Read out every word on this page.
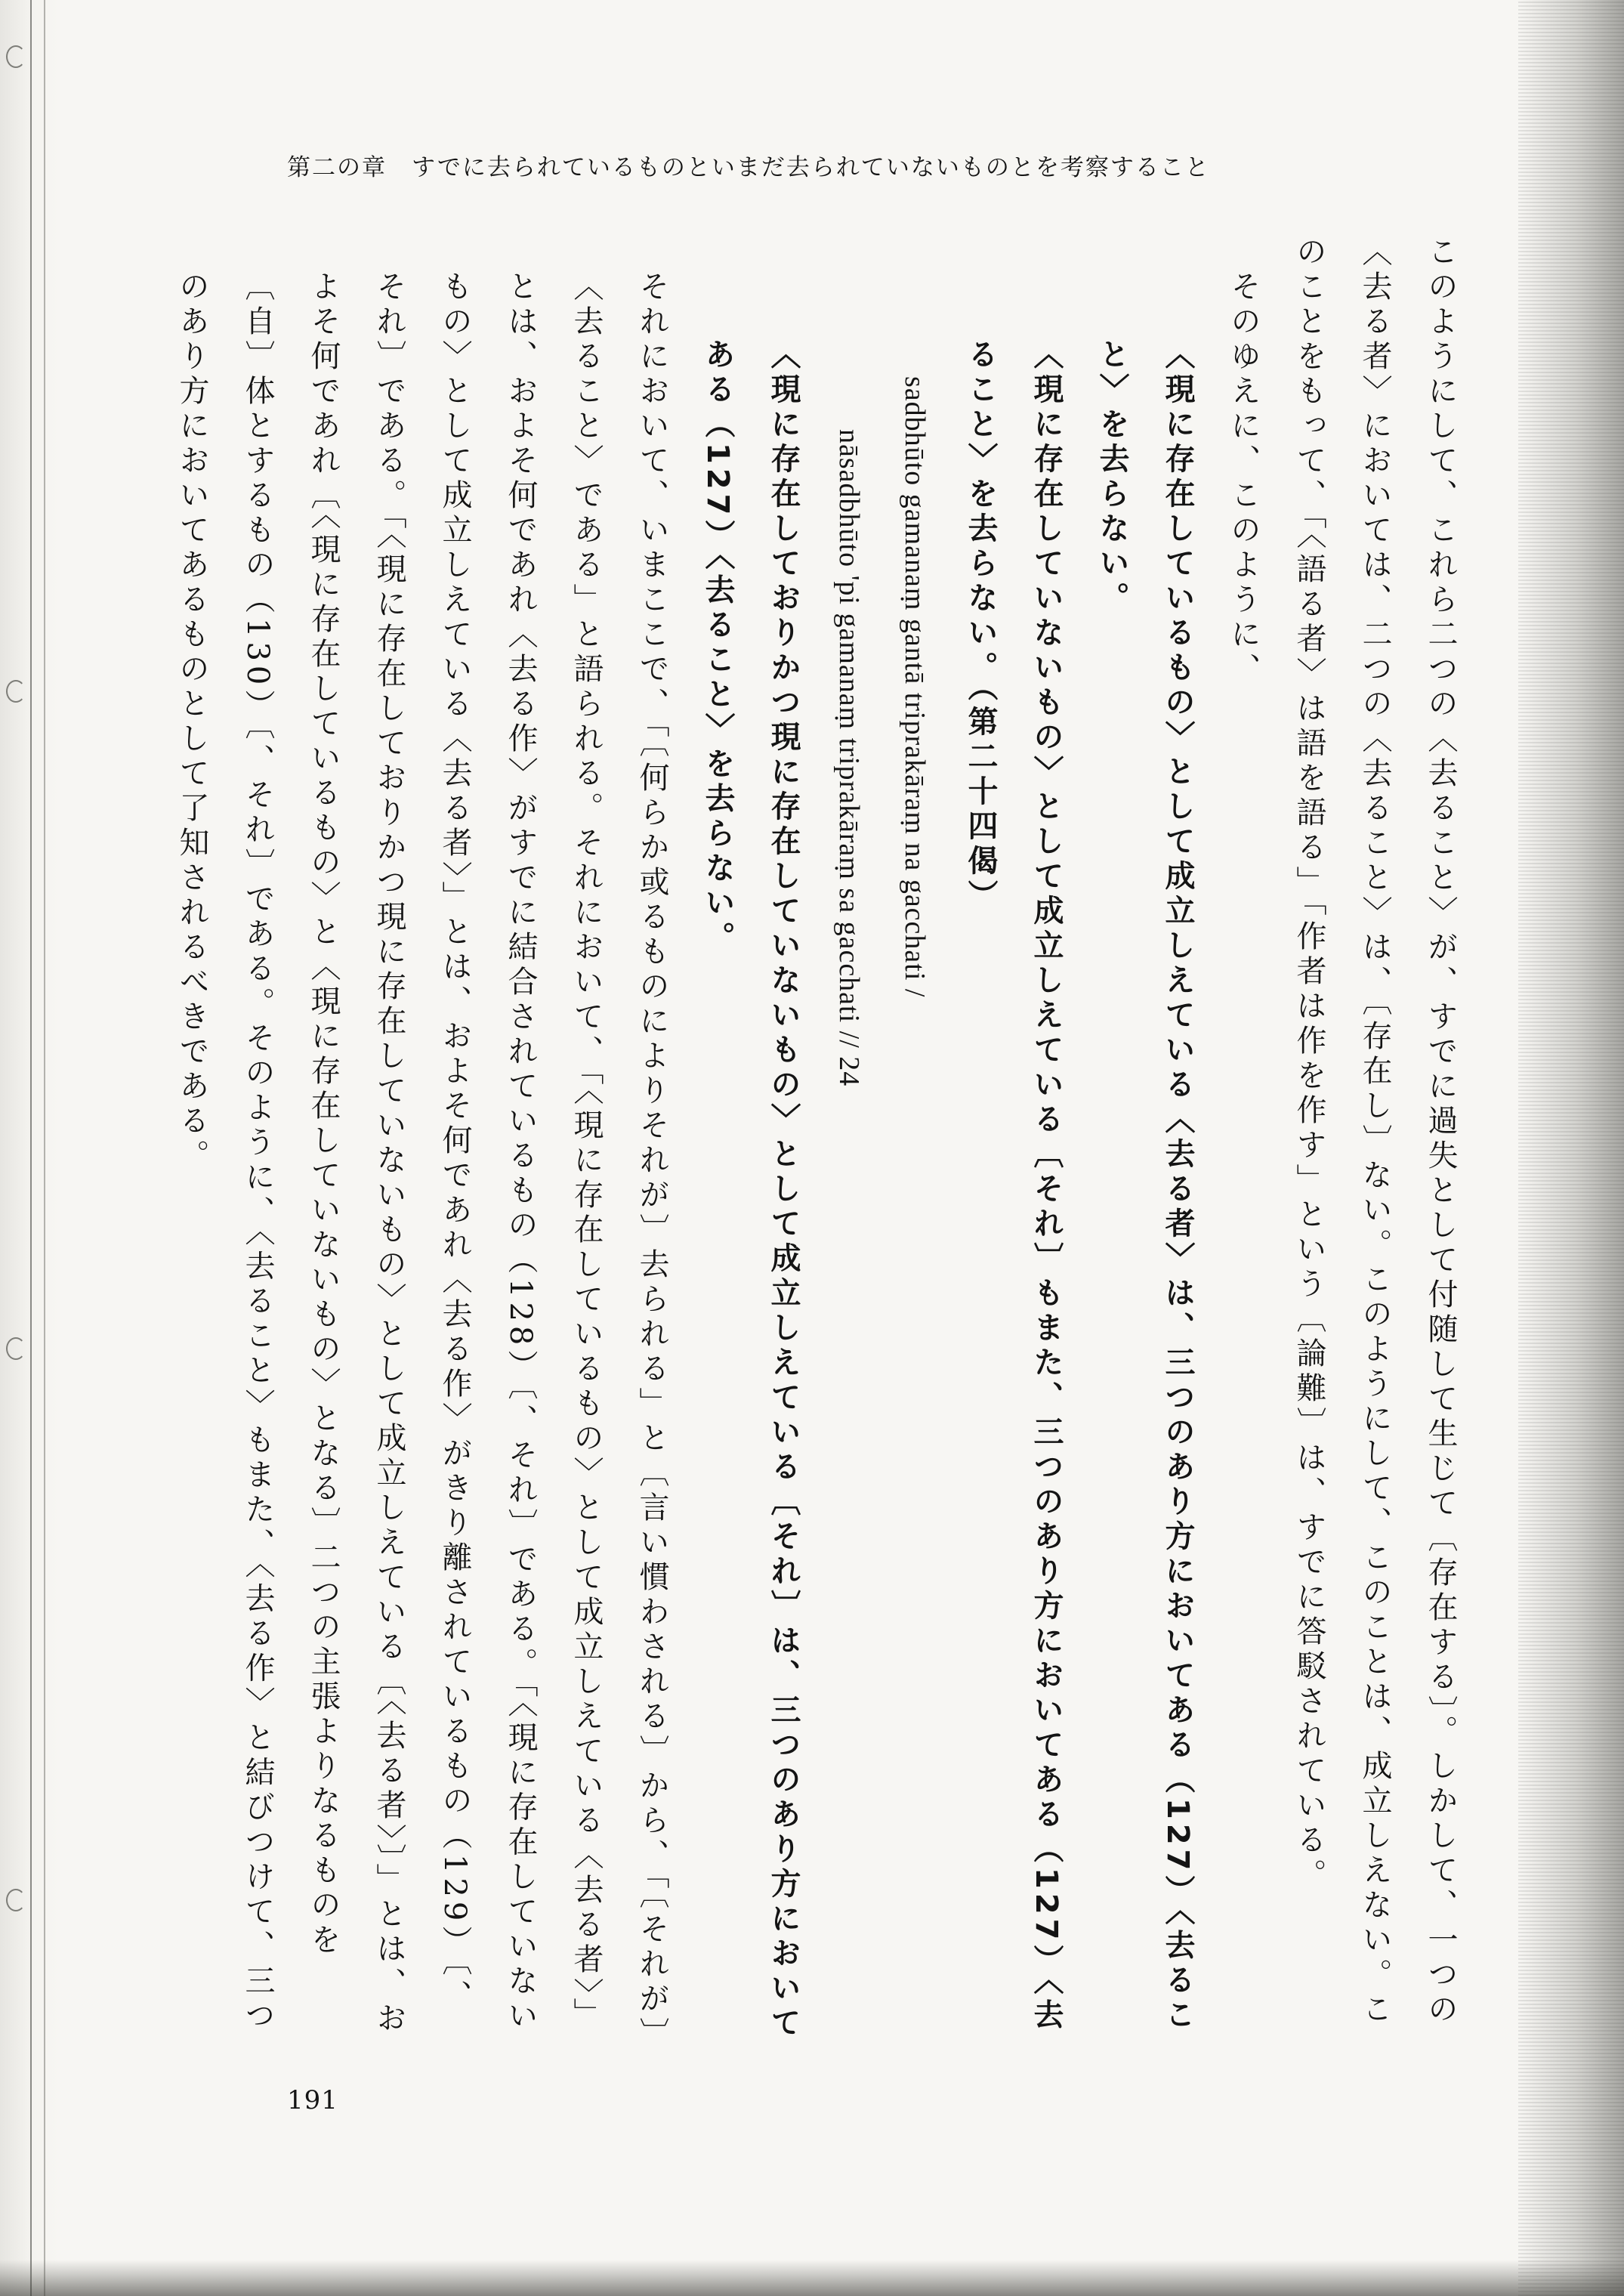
第二の章　すでに去られているものといまだ去られていないものとを考察すること

このようにして、これら二つの〈去ること〉が、すでに過失として付随して生じて〔存在する〕。しかして、一つの〈去る者〉においては、二つの〈去ること〉は、〔存在し〕ない。このようにして、このことは、成立しえない。このことをもって、「〈語る者〉は語を語る」「作者は作を作す」という〔論難〕は、すでに答駁されている。

そのゆえに、このように、

〈現に存在しているもの〉として成立しえている〈去る者〉は、三つのあり方においてある（127）〈去ること〉を去らない。

〈現に存在していないもの〉として成立しえている〔それ〕もまた、三つのあり方においてある（127）〈去ること〉を去らない。（第二十四偈）

sadbhūto gamanaṃ gantā triprakāraṃ na gacchati /

nāsadbhūto 'pi gamanaṃ triprakāraṃ sa gacchati // 24

〈現に存在しておりかつ現に存在していないもの〉として成立しえている〔それ〕は、三つのあり方においてある（127）〈去ること〉を去らない。

それにおいて、いまここで、「〔何らか或るものによりそれが〕去られる」と〔言い慣わされる〕から、「〔それが〕〈去ること〉である」と語られる。それにおいて、「〈現に存在しているもの〉として成立しえている〈去る者〉」とは、およそ何であれ〈去る作〉がすでに結合されているもの（128）〔、それ〕である。「〈現に存在していないもの〉として成立しえている〈去る者〉」とは、およそ何であれ〈去る作〉がきり離されているもの（129）〔、それ〕である。「〈現に存在しておりかつ現に存在していないもの〉として成立しえている〔〈去る者〉〕」とは、およそ何であれ〔〈現に存在しているもの〉と〈現に存在していないもの〉となる〕二つの主張よりなるものを〔自〕体とするもの（130）〔、それ〕である。そのように、〈去ること〉もまた、〈去る作〉と結びつけて、三つのあり方においてあるものとして了知されるべきである。

191
